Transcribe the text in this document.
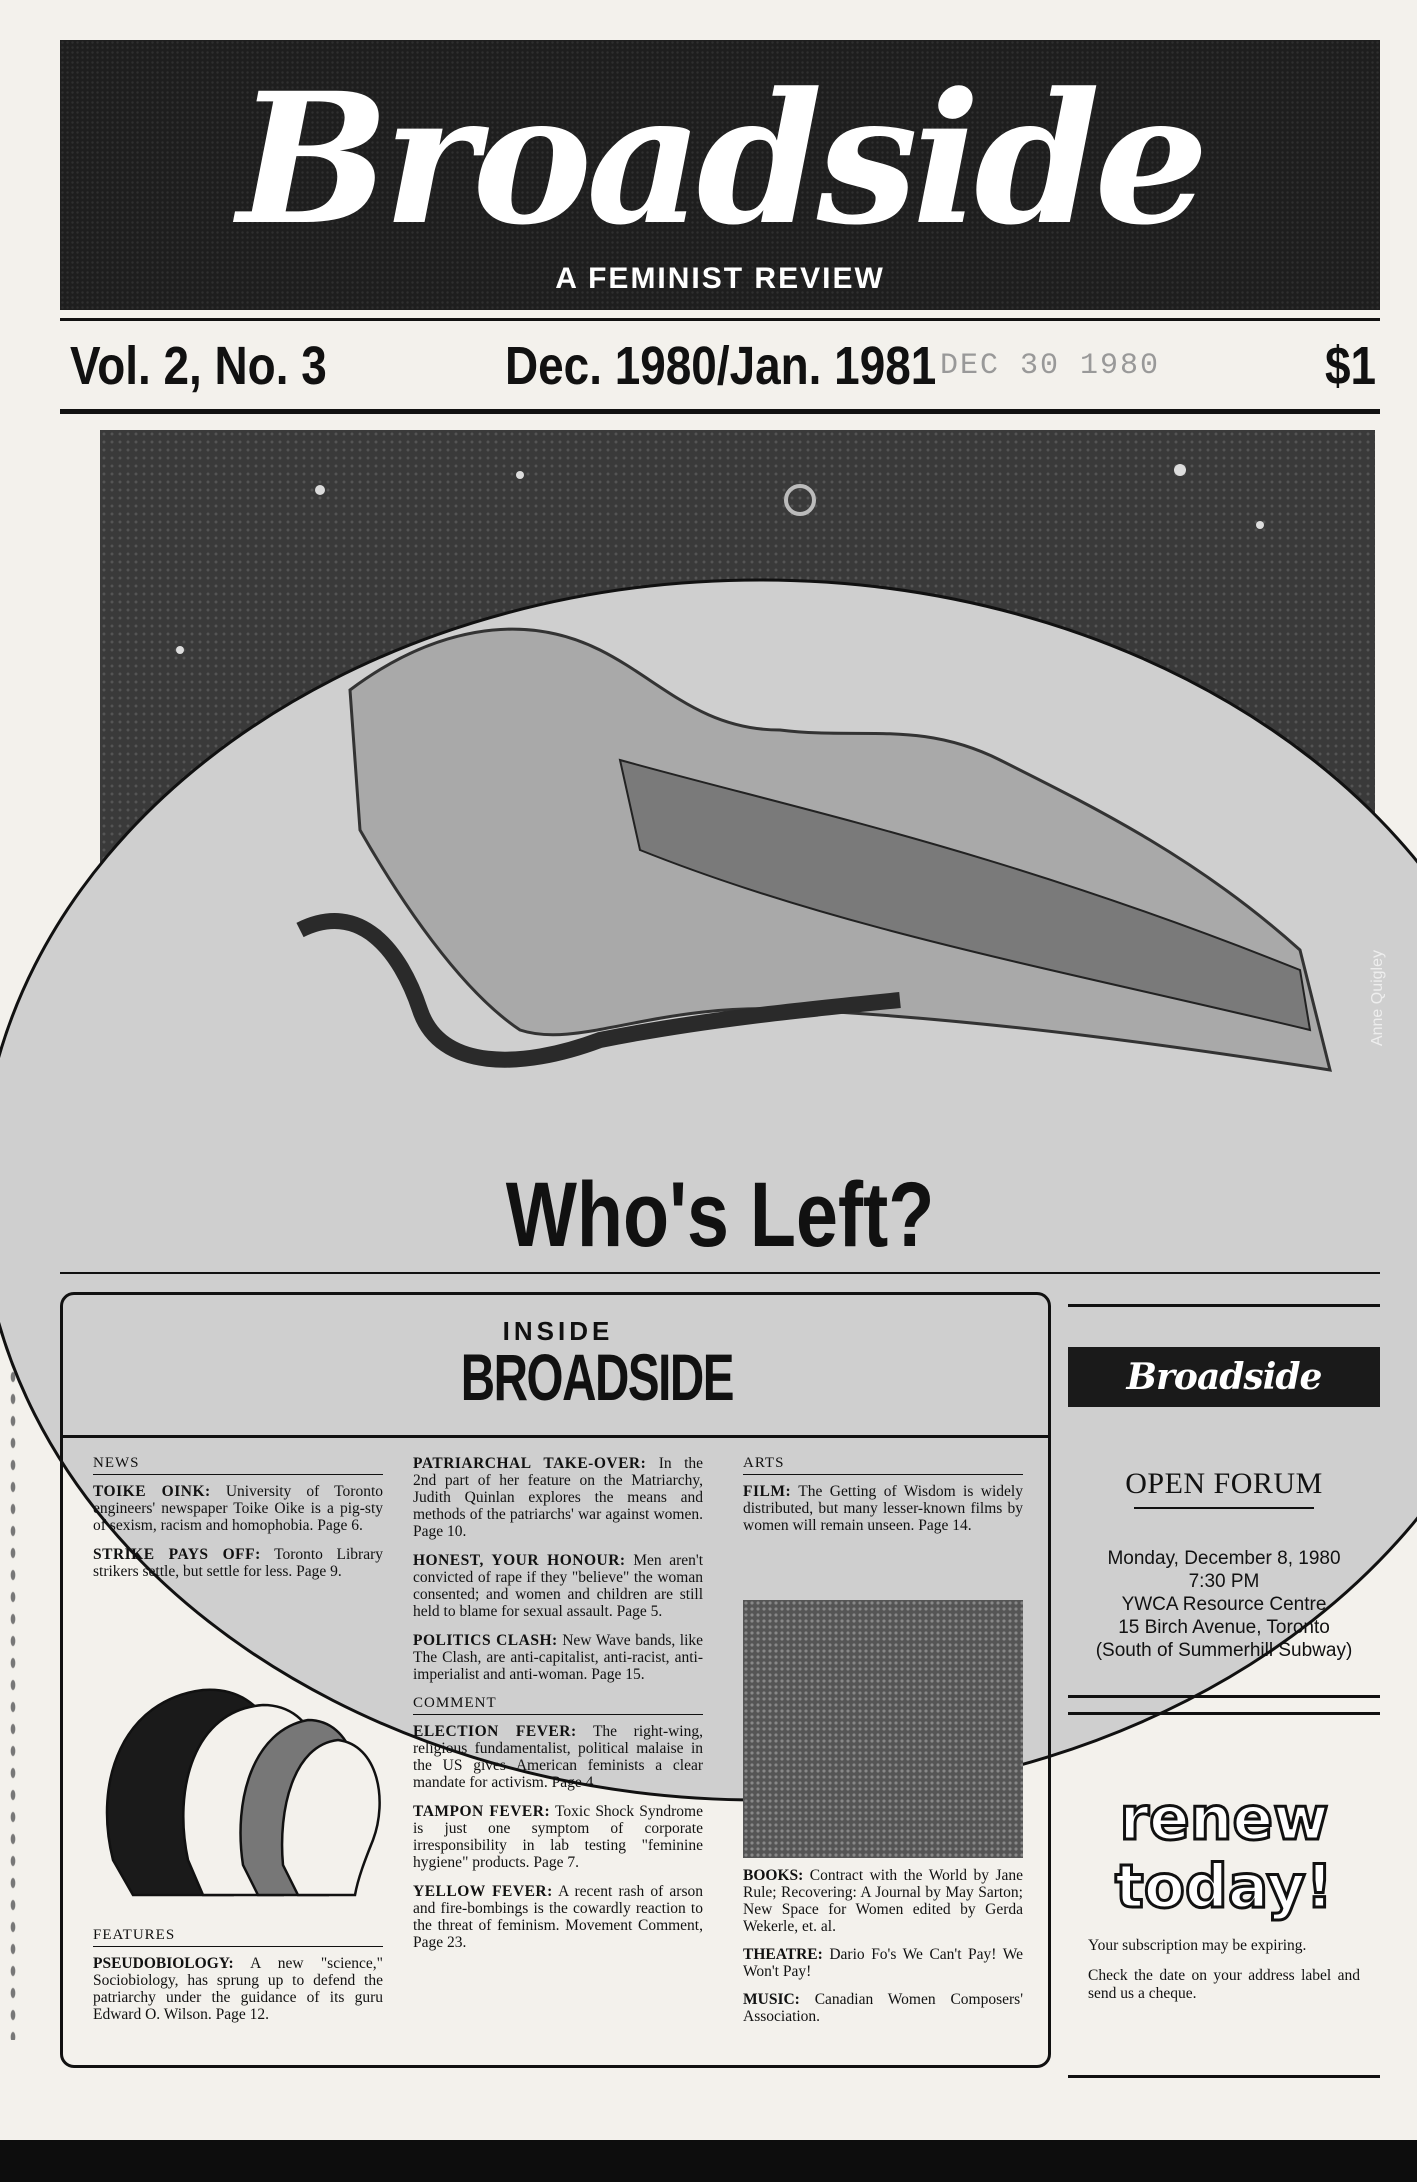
Broadside
A FEMINIST REVIEW
Vol. 2, No. 3	Dec. 1980/Jan. 1981 DEC 30 1980	$1
Anne Quigley
Who's Left?
INSIDE
BROADSIDE
NEWS

TOIKE OINK: University of Toronto engineers' newspaper Toike Oike is a pig-sty of sexism, racism and homophobia. Page 6.

STRIKE PAYS OFF: Toronto Library strikers settle, but settle for less. Page 9.

FEATURES

PSEUDOBIOLOGY: A new "science," Sociobiology, has sprung up to defend the patriarchy under the guidance of its guru Edward O. Wilson. Page 12.

PATRIARCHAL TAKE-OVER: In the 2nd part of her feature on the Matriarchy, Judith Quinlan explores the means and methods of the patriarchs' war against women. Page 10.

HONEST, YOUR HONOUR: Men aren't convicted of rape if they "believe" the woman consented; and women and children are still held to blame for sexual assault. Page 5.

POLITICS CLASH: New Wave bands, like The Clash, are anti-capitalist, anti-racist, anti-imperialist and anti-woman. Page 15.

COMMENT

ELECTION FEVER: The right-wing, religious fundamentalist, political malaise in the US gives American feminists a clear mandate for activism. Page 4.

TAMPON FEVER: Toxic Shock Syndrome is just one symptom of corporate irresponsibility in lab testing "feminine hygiene" products. Page 7.

YELLOW FEVER: A recent rash of arson and fire-bombings is the cowardly reaction to the threat of feminism. Movement Comment, Page 23.

ARTS

FILM: The Getting of Wisdom is widely distributed, but many lesser-known films by women will remain unseen. Page 14.

BOOKS: Contract with the World by Jane Rule; Recovering: A Journal by May Sarton; New Space for Women edited by Gerda Wekerle, et. al.

THEATRE: Dario Fo's We Can't Pay! We Won't Pay!

MUSIC: Canadian Women Composers' Association.

Broadside
OPEN FORUM
Monday, December 8, 1980
7:30 PM
YWCA Resource Centre
15 Birch Avenue, Toronto
(South of Summerhill Subway)
renew
today!

Your subscription may be expiring.

Check the date on your address label and send us a cheque.
